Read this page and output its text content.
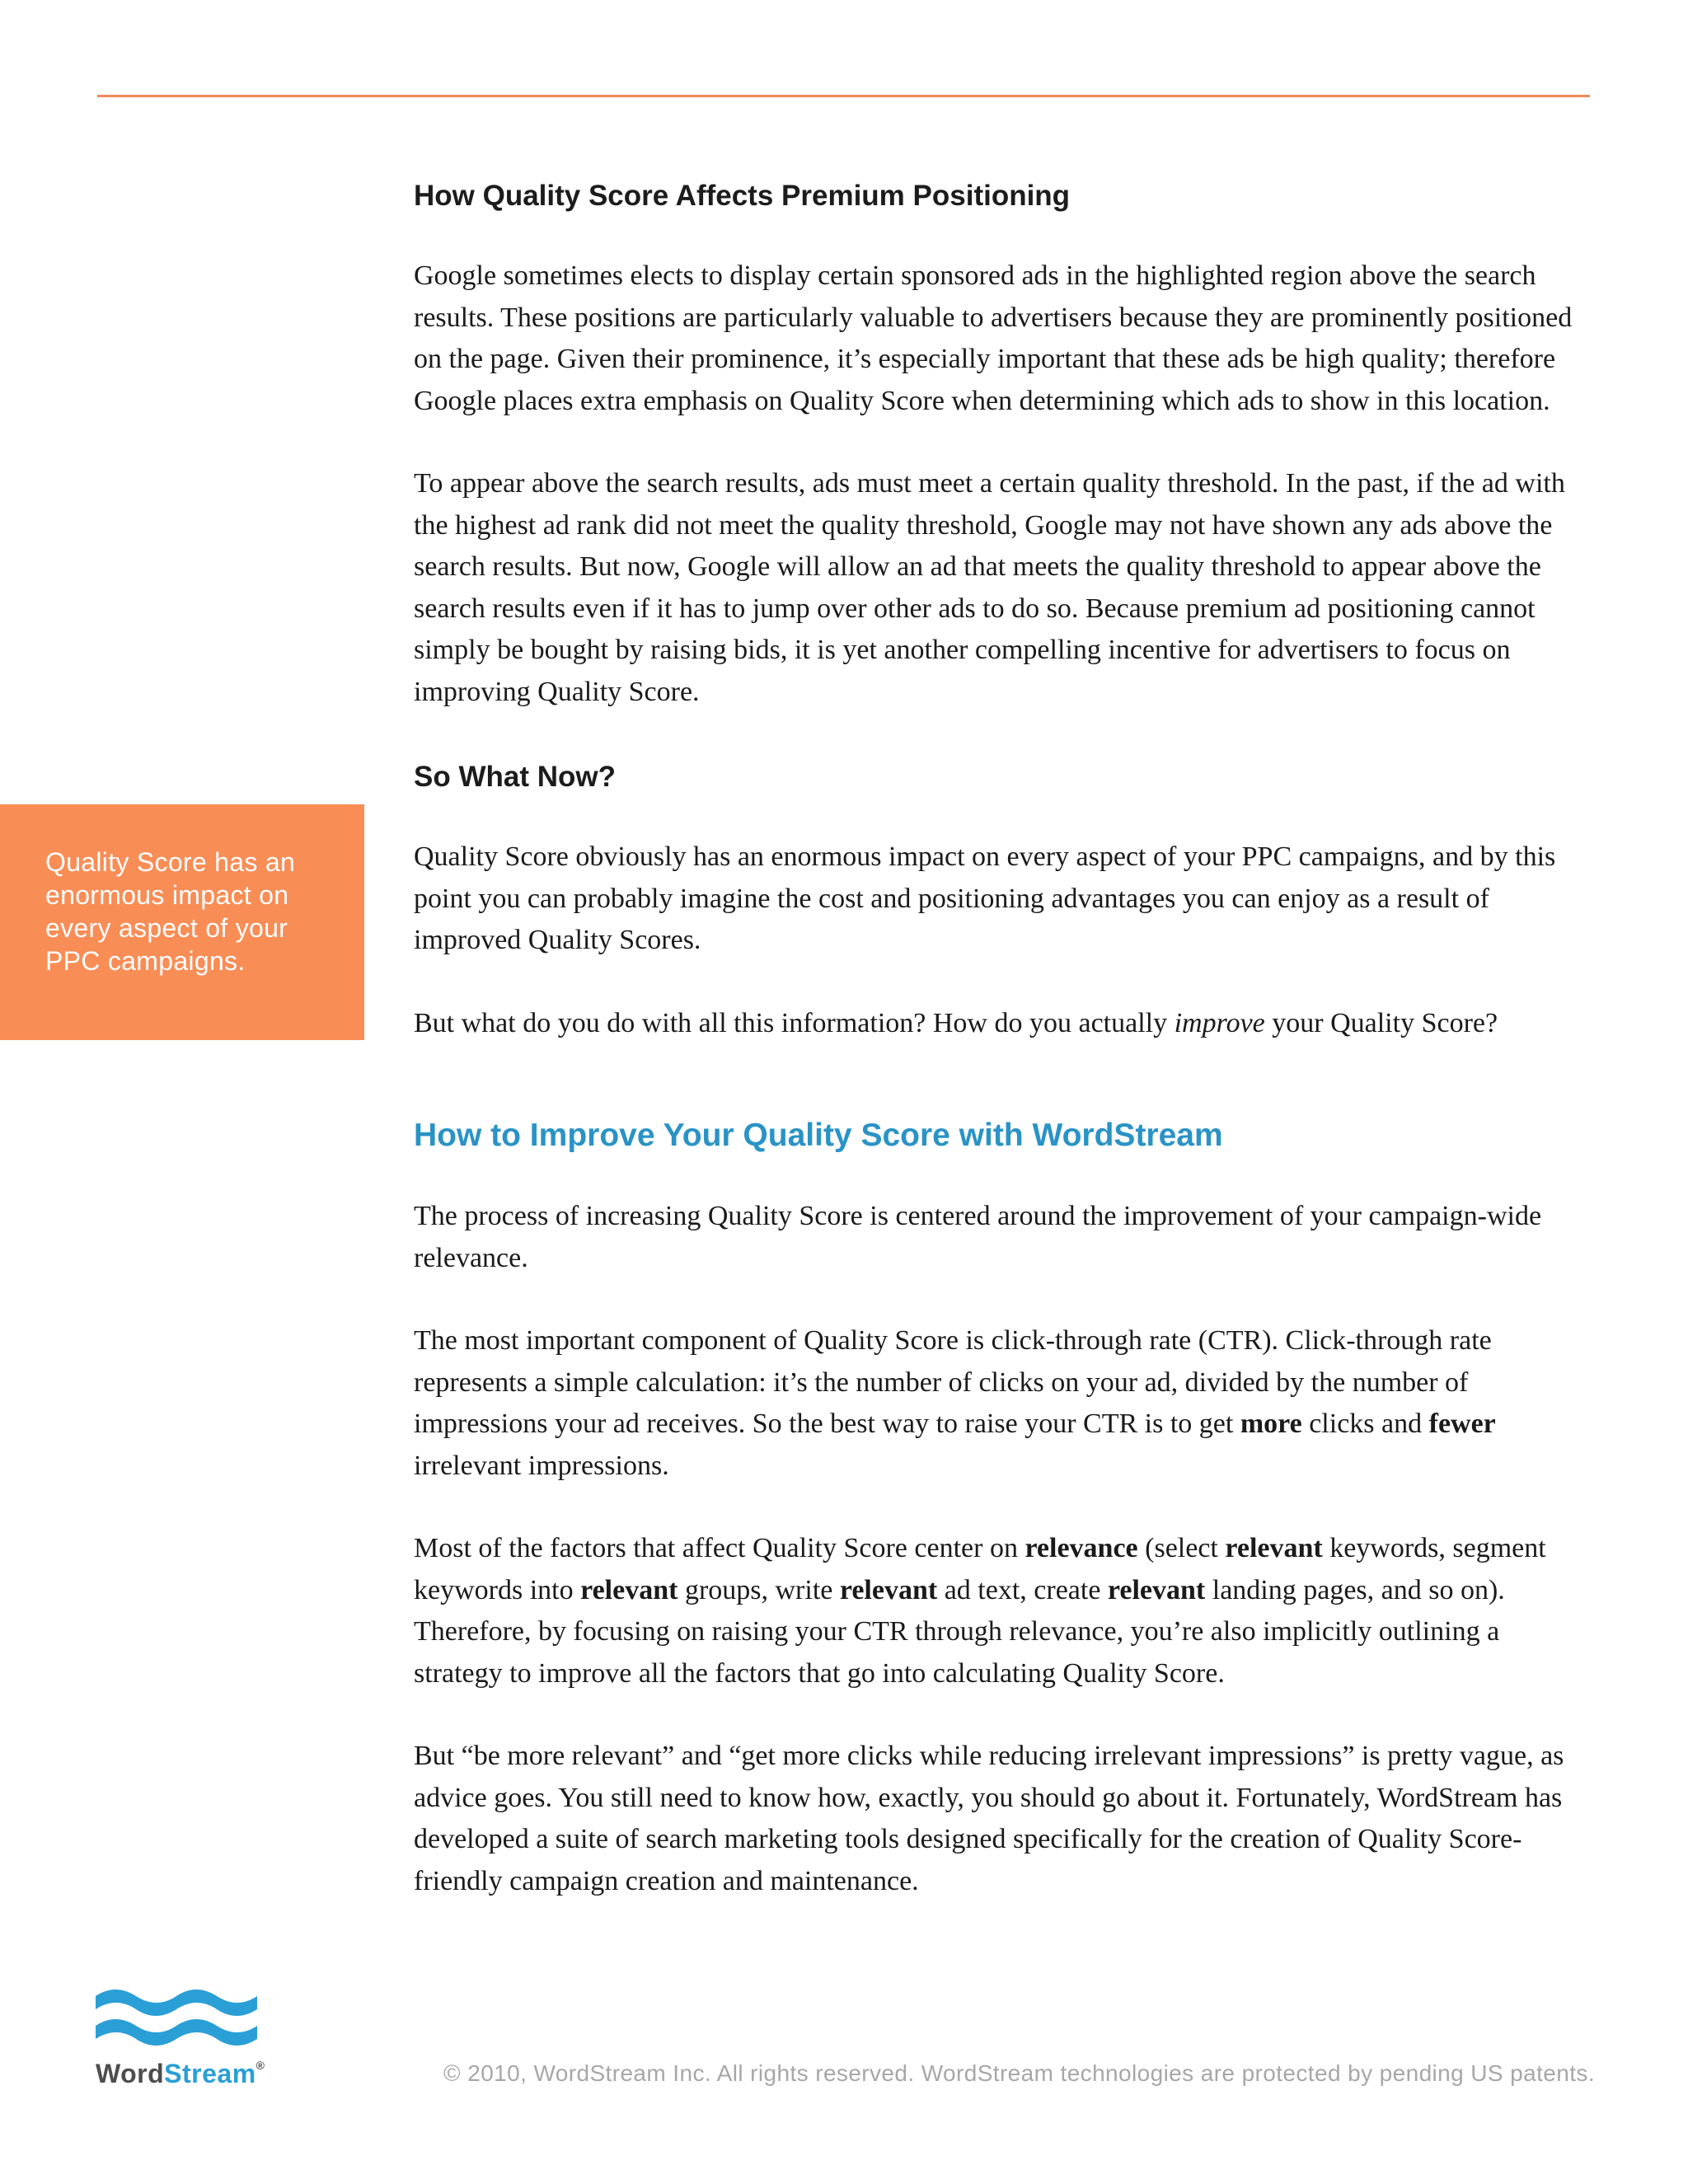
Quality Score has an enormous impact on every aspect of your PPC campaigns.
How Quality Score Affects Premium Positioning

Google sometimes elects to display certain sponsored ads in the highlighted region above the search results. These positions are particularly valuable to advertisers because they are prominently positioned on the page. Given their prominence, it’s especially important that these ads be high quality; therefore Google places extra emphasis on Quality Score when determining which ads to show in this location.

To appear above the search results, ads must meet a certain quality threshold. In the past, if the ad with the highest ad rank did not meet the quality threshold, Google may not have shown any ads above the search results. But now, Google will allow an ad that meets the quality threshold to appear above the search results even if it has to jump over other ads to do so. Because premium ad positioning cannot simply be bought by raising bids, it is yet another compelling incentive for advertisers to focus on improving Quality Score.

So What Now?

Quality Score obviously has an enormous impact on every aspect of your PPC campaigns, and by this point you can probably imagine the cost and positioning advantages you can enjoy as a result of improved Quality Scores.

But what do you do with all this information? How do you actually improve your Quality Score?

How to Improve Your Quality Score with WordStream

The process of increasing Quality Score is centered around the improvement of your campaign-wide relevance.

The most important component of Quality Score is click-through rate (CTR). Click-through rate represents a simple calculation: it’s the number of clicks on your ad, divided by the number of impressions your ad receives. So the best way to raise your CTR is to get more clicks and fewer irrelevant impressions.

Most of the factors that affect Quality Score center on relevance (select relevant keywords, segment keywords into relevant groups, write relevant ad text, create relevant landing pages, and so on). Therefore, by focusing on raising your CTR through relevance, you’re also implicitly outlining a strategy to improve all the factors that go into calculating Quality Score.

But “be more relevant” and “get more clicks while reducing irrelevant impressions” is pretty vague, as advice goes. You still need to know how, exactly, you should go about it. Fortunately, WordStream has developed a suite of search marketing tools designed specifically for the creation of Quality Score-friendly campaign creation and maintenance.

WordStream®	© 2010, WordStream Inc. All rights reserved. WordStream technologies are protected by pending US patents.
